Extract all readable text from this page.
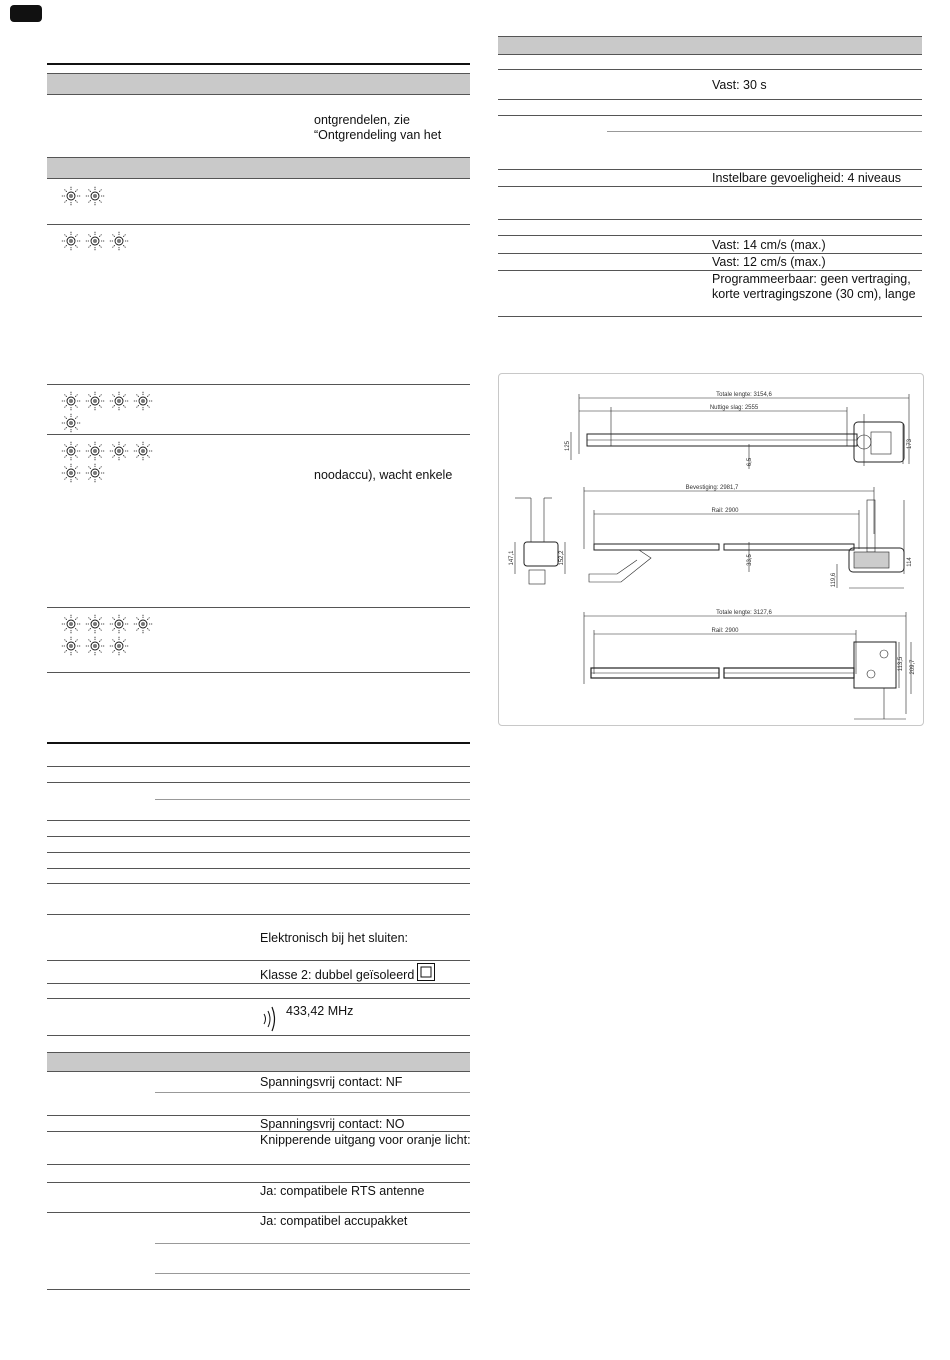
ontgrendelen, zie
“Ontgrendeling van het
noodaccu), wacht enkele
Elektronisch bij het sluiten:
Klasse 2: dubbel geïsoleerd
433,42 MHz
Spanningsvrij contact: NF
Spanningsvrij contact: NO
Knipperende uitgang voor oranje licht:
Ja: compatibele RTS antenne
Ja: compatibel accupakket
Vast: 30 s
Instelbare gevoeligheid: 4 niveaus
Vast: 14 cm/s (max.)
Vast: 12 cm/s (max.)
Programmeerbaar: geen vertraging,
korte vertragingszone (30 cm), lange
Totale lengte: 3154,6
Nuttige slag: 2555
Bevestiging: 2981,7
Rail: 2900
Totale lengte: 3127,6
Rail: 2900
125	173
6,5
147,1	152,2	33,5
119,6
114
113,5 209,7
